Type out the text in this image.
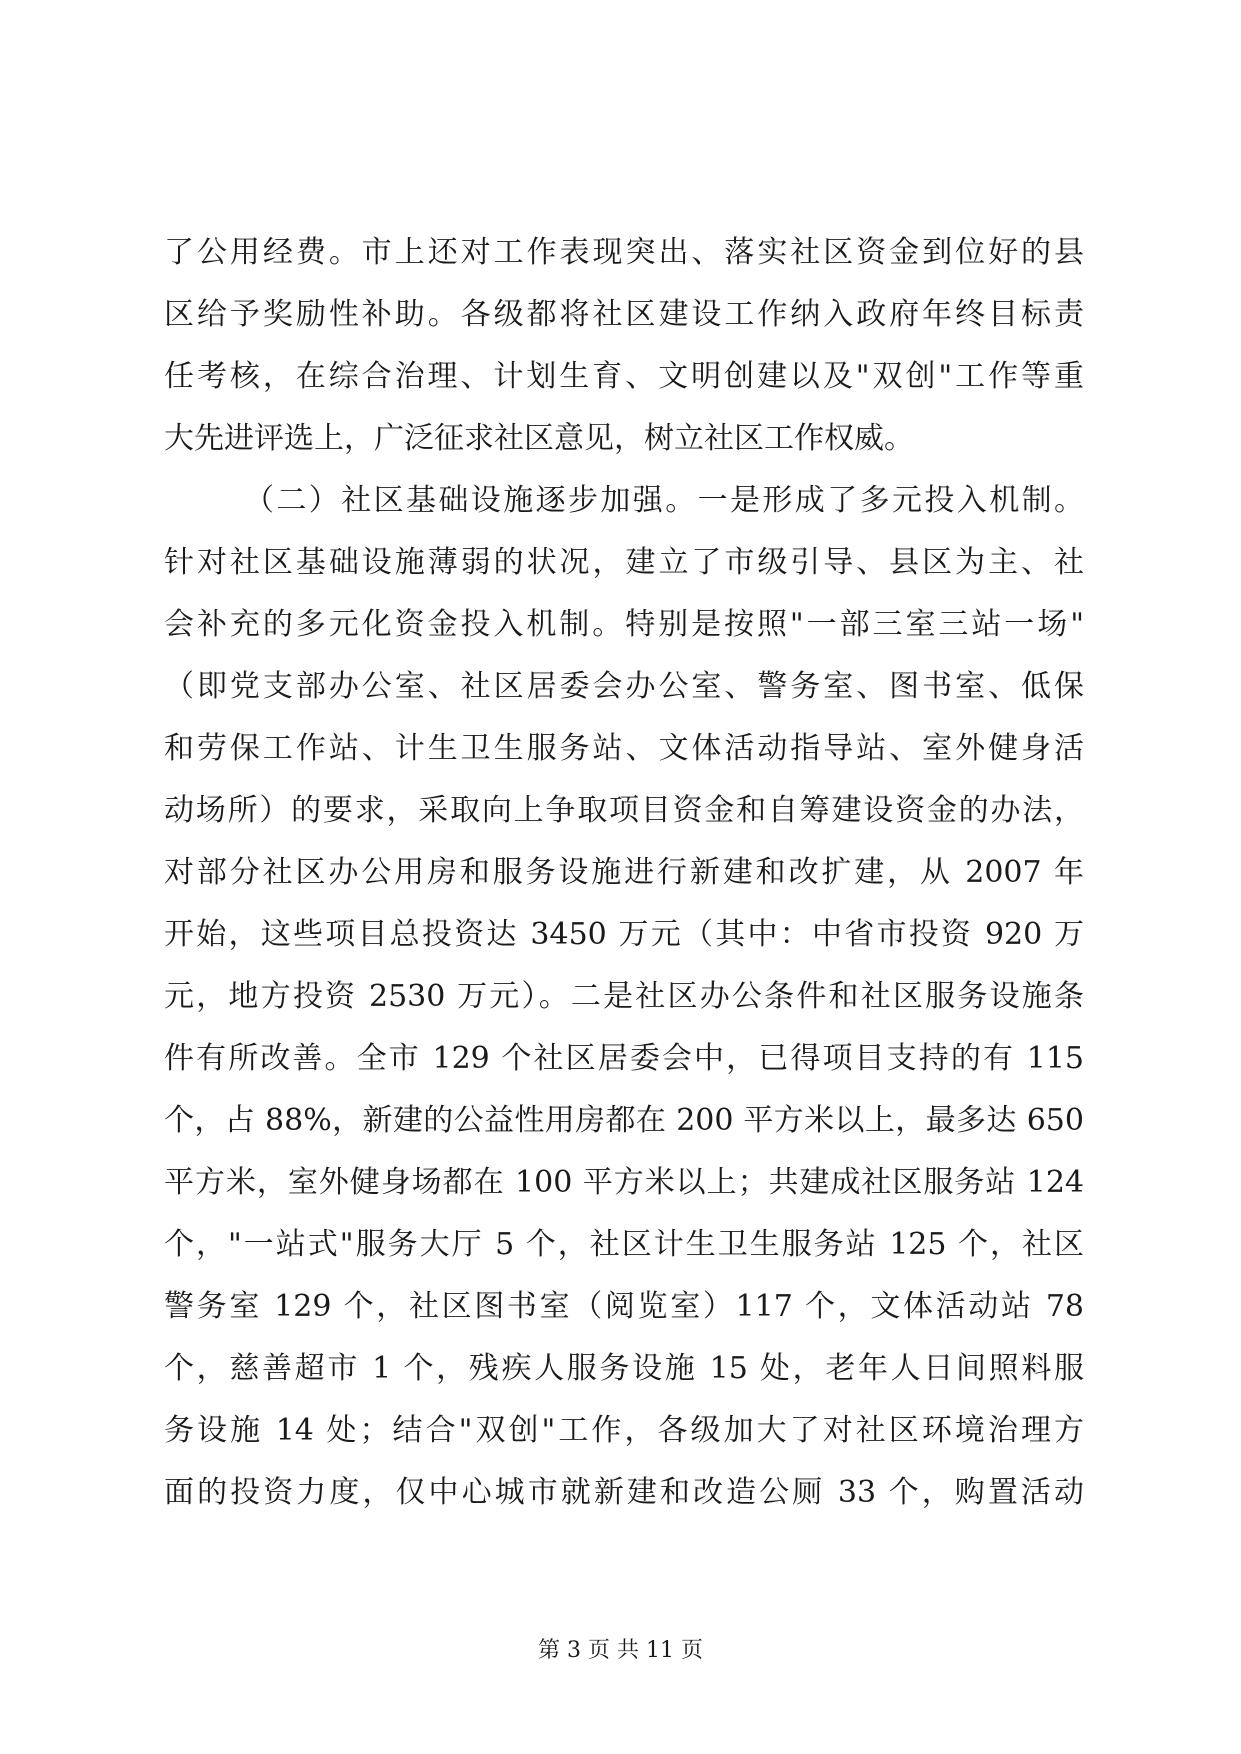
了公用经费。市上还对工作表现突出、落实社区资金到位好的县
区给予奖励性补助。各级都将社区建设工作纳入政府年终目标责
任考核，在综合治理、计划生育、文明创建以及"双创"工作等重
大先进评选上，广泛征求社区意见，树立社区工作权威。
（二）社区基础设施逐步加强。一是形成了多元投入机制。
针对社区基础设施薄弱的状况，建立了市级引导、县区为主、社
会补充的多元化资金投入机制。特别是按照"一部三室三站一场"
（即党支部办公室、社区居委会办公室、警务室、图书室、低保
和劳保工作站、计生卫生服务站、文体活动指导站、室外健身活
动场所）的要求，采取向上争取项目资金和自筹建设资金的办法，
对部分社区办公用房和服务设施进行新建和改扩建，从 2007 年
开始，这些项目总投资达 3450 万元（其中：中省市投资 920 万
元，地方投资 2530 万元）。二是社区办公条件和社区服务设施条
件有所改善。全市 129 个社区居委会中，已得项目支持的有 115
个，占 88%，新建的公益性用房都在 200 平方米以上，最多达 650
平方米，室外健身场都在 100 平方米以上；共建成社区服务站 124
个，"一站式"服务大厅 5 个，社区计生卫生服务站 125 个，社区
警务室 129 个，社区图书室（阅览室）117 个，文体活动站 78
个，慈善超市 1 个，残疾人服务设施 15 处，老年人日间照料服
务设施 14 处；结合"双创"工作，各级加大了对社区环境治理方
面的投资力度，仅中心城市就新建和改造公厕 33 个，购置活动
第 3 页 共 11 页
